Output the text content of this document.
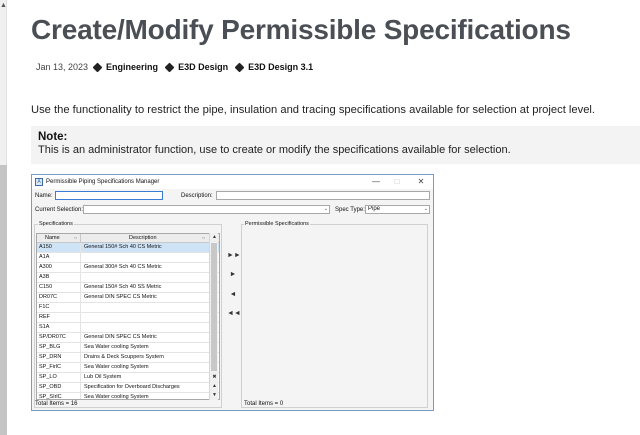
▲
Create/Modify Permissible Specifications
Jan 13, 2023 Engineering E3D Design E3D Design 3.1

Use the functionality to restrict the pipe, insulation and tracing specifications available for selection at project level.

Note:
This is an administrator function, use to create or modify the specifications available for selection.
A Permissible Piping Specifications Manager	—	□	✕
Name:	Description:
Current Selection:	⌄ Spec Type: Pipe	⌄
Specifications
Name	⇔	Description	⇔
A150	General 150# Sch 40 CS Metric
A1A
A300	General 300# Sch 40 CS Metric
A3B
C150	General 150# Sch 40 SS Metric
DR07C	General DIN SPEC CS Metric
F1C
REF
S1A
SP/DR07C	General DIN SPEC CS Metric
SP_BLG	Sea Water cooling System
SP_DRN	Drains & Deck Scuppers System
SP_FirlC	Sea Water cooling System
SP_LO	Lub Oil System
SP_OBD	Specification for Overboard Discharges
SP_SIrlC	Sea Water cooling System
▲
✖
▲
▼
Total Items = 16
►►
►
◄
◄◄
Permissible Specifications
Total Items = 0
